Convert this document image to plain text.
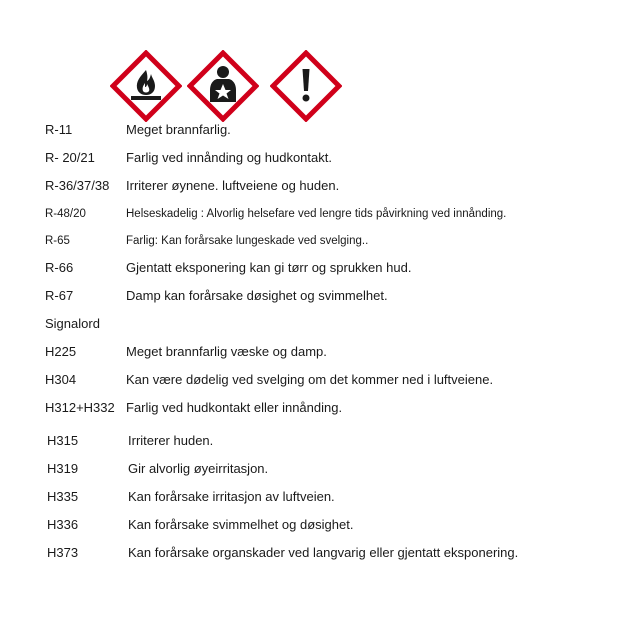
R-11	Meget brannfarlig.
R- 20/21 Farlig ved innånding og hudkontakt.
R-36/37/38 Irriterer øynene. luftveiene og huden.
R-48/20	Helseskadelig : Alvorlig helsefare ved lengre tids påvirkning ved innånding.
R-65	Farlig: Kan forårsake lungeskade ved svelging..
R-66	Gjentatt eksponering kan gi tørr og sprukken hud.
R-67	Damp kan forårsake døsighet og svimmelhet.
Signalord
H225	Meget brannfarlig væske og damp.
H304	Kan være dødelig ved svelging om det kommer ned i luftveiene.
H312+H332 Farlig ved hudkontakt eller innånding.
H315	Irriterer huden.
H319	Gir alvorlig øyeirritasjon.
H335	Kan forårsake irritasjon av luftveien.
H336	Kan forårsake svimmelhet og døsighet.
H373	Kan forårsake organskader ved langvarig eller gjentatt eksponering.
